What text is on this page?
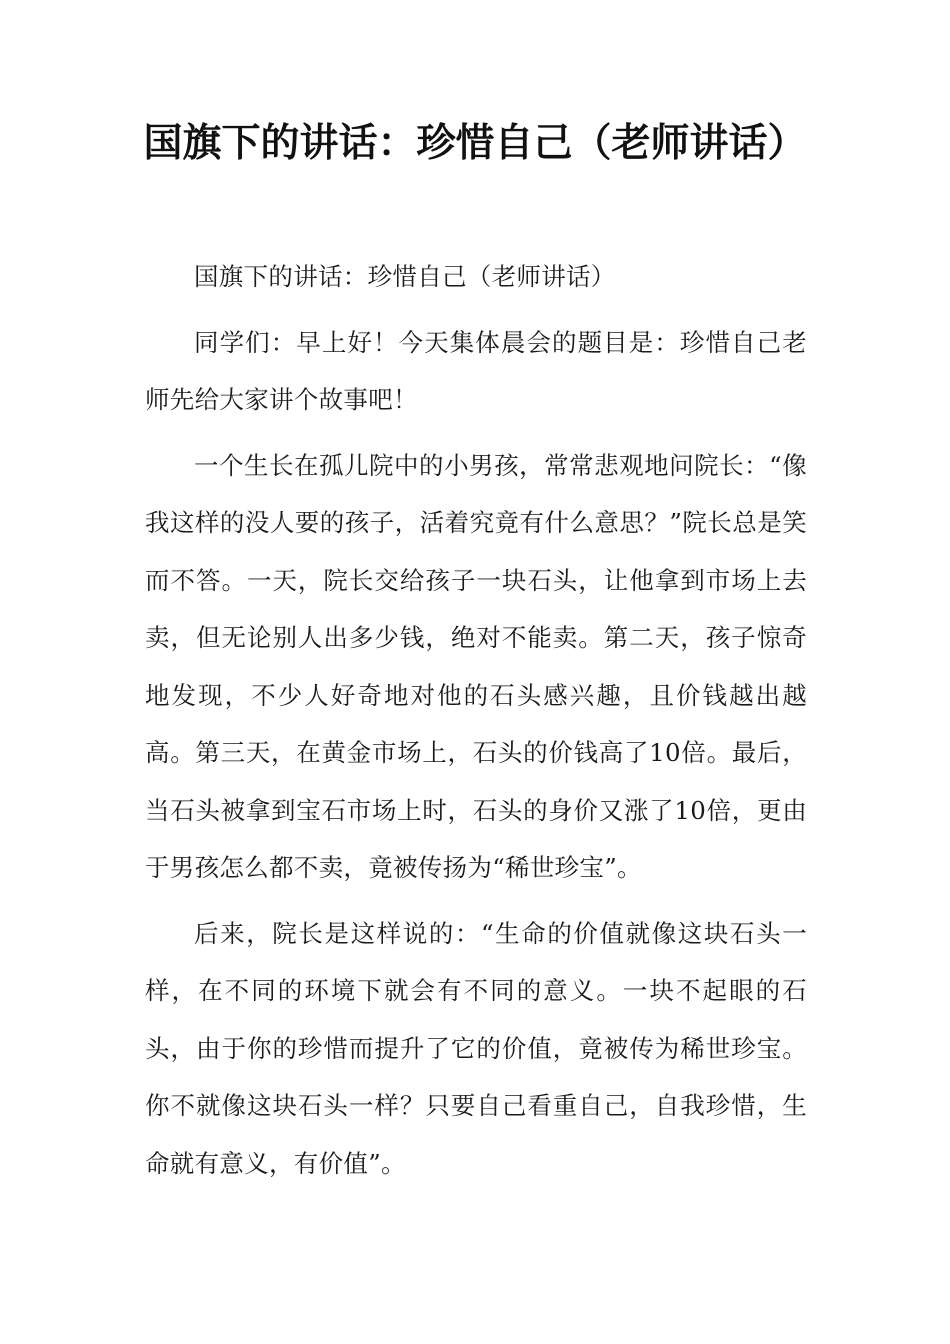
国旗下的讲话：珍惜自己（老师讲话）

国旗下的讲话：珍惜自己（老师讲话）

同学们：早上好！今天集体晨会的题目是：珍惜自己老师先给大家讲个故事吧！

一个生长在孤儿院中的小男孩，常常悲观地问院长：“像我这样的没人要的孩子，活着究竟有什么意思？”院长总是笑而不答。一天，院长交给孩子一块石头，让他拿到市场上去卖，但无论别人出多少钱，绝对不能卖。第二天，孩子惊奇地发现，不少人好奇地对他的石头感兴趣，且价钱越出越高。第三天，在黄金市场上，石头的价钱高了10倍。最后，当石头被拿到宝石市场上时，石头的身价又涨了10倍，更由于男孩怎么都不卖，竟被传扬为“稀世珍宝”。

后来，院长是这样说的：“生命的价值就像这块石头一样，在不同的环境下就会有不同的意义。一块不起眼的石头，由于你的珍惜而提升了它的价值，竟被传为稀世珍宝。你不就像这块石头一样？只要自己看重自己，自我珍惜，生命就有意义，有价值”。
